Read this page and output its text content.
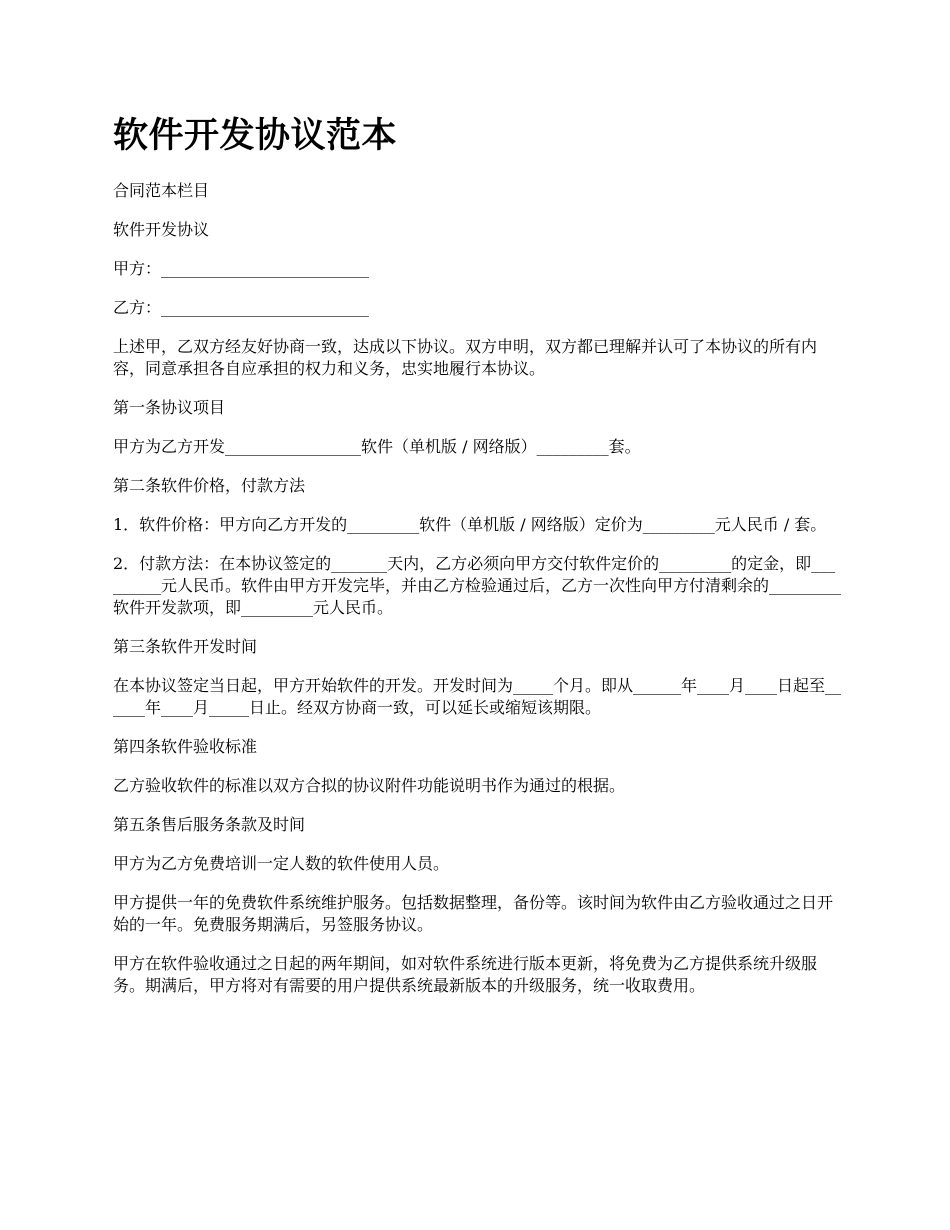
软件开发协议范本

合同范本栏目

软件开发协议

甲方：__________________________

乙方：__________________________

上述甲，乙双方经友好协商一致，达成以下协议。双方申明，双方都已理解并认可了本协议的所有内容，同意承担各自应承担的权力和义务，忠实地履行本协议。

第一条协议项目

甲方为乙方开发_________________软件（单机版 / 网络版）_________套。

第二条软件价格，付款方法

1．软件价格：甲方向乙方开发的_________软件（单机版 / 网络版）定价为_________元人民币 / 套。

2．付款方法：在本协议签定的_______天内，乙方必须向甲方交付软件定价的_________的定金，即_________元人民币。软件由甲方开发完毕，并由乙方检验通过后，乙方一次性向甲方付清剩余的_________软件开发款项，即_________元人民币。

第三条软件开发时间

在本协议签定当日起，甲方开始软件的开发。开发时间为_____个月。即从______年____月____日起至______年____月_____日止。经双方协商一致，可以延长或缩短该期限。

第四条软件验收标准

乙方验收软件的标准以双方合拟的协议附件功能说明书作为通过的根据。

第五条售后服务条款及时间

甲方为乙方免费培训一定人数的软件使用人员。

甲方提供一年的免费软件系统维护服务。包括数据整理，备份等。该时间为软件由乙方验收通过之日开始的一年。免费服务期满后，另签服务协议。

甲方在软件验收通过之日起的两年期间，如对软件系统进行版本更新，将免费为乙方提供系统升级服务。期满后，甲方将对有需要的用户提供系统最新版本的升级服务，统一收取费用。
